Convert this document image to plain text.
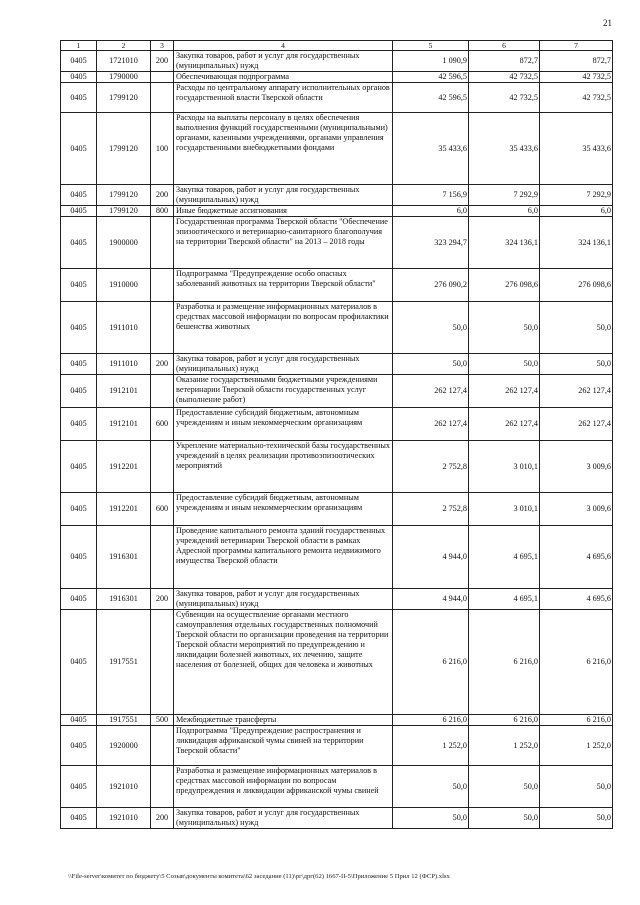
21
1	2	3	4	5	6	7
0405	1721010	200	Закупка товаров, работ и услуг для государственных (муниципальных) нужд	1 090,9	872,7	872,7
0405	1790000		Обеспечивающая подпрограмма	42 596,5	42 732,5	42 732,5
0405	1799120		Расходы по центральному аппарату исполнительных органов государственной власти Тверской области	42 596,5	42 732,5	42 732,5
0405	1799120	100	Расходы на выплаты персоналу в целях обеспечения выполнения функций государственными (муниципальными) органами, казенными учреждениями, органами управления государственными внебюджетными фондами	35 433,6	35 433,6	35 433,6
0405	1799120	200	Закупка товаров, работ и услуг для государственных (муниципальных) нужд	7 156,9	7 292,9	7 292,9
0405	1799120	800	Иные бюджетные ассигнования	6,0	6,0	6,0
0405	1900000		Государственная программа Тверской области "Обеспечение эпизоотического и ветеринарно-санитарного благополучия на территории Тверской области" на 2013 – 2018 годы	323 294,7	324 136,1	324 136,1
0405	1910000		Подпрограмма "Предупреждение особо опасных заболеваний животных на территории Тверской области"	276 090,2	276 098,6	276 098,6
0405	1911010		Разработка и размещение информационных материалов в средствах массовой информации по вопросам профилактики бешенства животных	50,0	50,0	50,0
0405	1911010	200	Закупка товаров, работ и услуг для государственных (муниципальных) нужд	50,0	50,0	50,0
0405	1912101		Оказание государственными бюджетными учреждениями ветеринарии Тверской области государственных услуг (выполнение работ)	262 127,4	262 127,4	262 127,4
0405	1912101	600	Предоставление субсидий бюджетным, автономным учреждениям и иным некоммерческим организациям	262 127,4	262 127,4	262 127,4
0405	1912201		Укрепление материально-технической базы государственных учреждений в целях реализации противоэпизоотических мероприятий	2 752,8	3 010,1	3 009,6
0405	1912201	600	Предоставление субсидий бюджетным, автономным учреждениям и иным некоммерческим организациям	2 752,8	3 010,1	3 009,6
0405	1916301		Проведение капитального ремонта зданий государственных учреждений ветеринарии Тверской области в рамках Адресной программы капитального ремонта недвижимого имущества Тверской области	4 944,0	4 695,1	4 695,6
0405	1916301	200	Закупка товаров, работ и услуг для государственных (муниципальных) нужд	4 944,0	4 695,1	4 695,6
0405	1917551		Субвенции на осуществление органами местного самоуправления отдельных государственных полномочий Тверской области по организации проведения на территории Тверской области мероприятий по предупреждению и ликвидации болезней животных, их лечению, защите населения от болезней, общих для человека и животных	6 216,0	6 216,0	6 216,0
0405	1917551	500	Межбюджетные трансферты	6 216,0	6 216,0	6 216,0
0405	1920000		Подпрограмма "Предупреждение распространения и ликвидация африканской чумы свиней на территории Тверской области"	1 252,0	1 252,0	1 252,0
0405	1921010		Разработка и размещение информационных материалов в средствах массовой информации по вопросам предупреждения и ликвидации африканской чумы свиней	50,0	50,0	50,0
0405	1921010	200	Закупка товаров, работ и услуг для государственных (муниципальных) нужд	50,0	50,0	50,0
\\File-server\комитет по бюджету\5 Созыв\документы комитета\62 заседание (11)\рг\дрг(62) 1667-II-5\Приложение 5 Прил 12 (ФСР).xlsx
